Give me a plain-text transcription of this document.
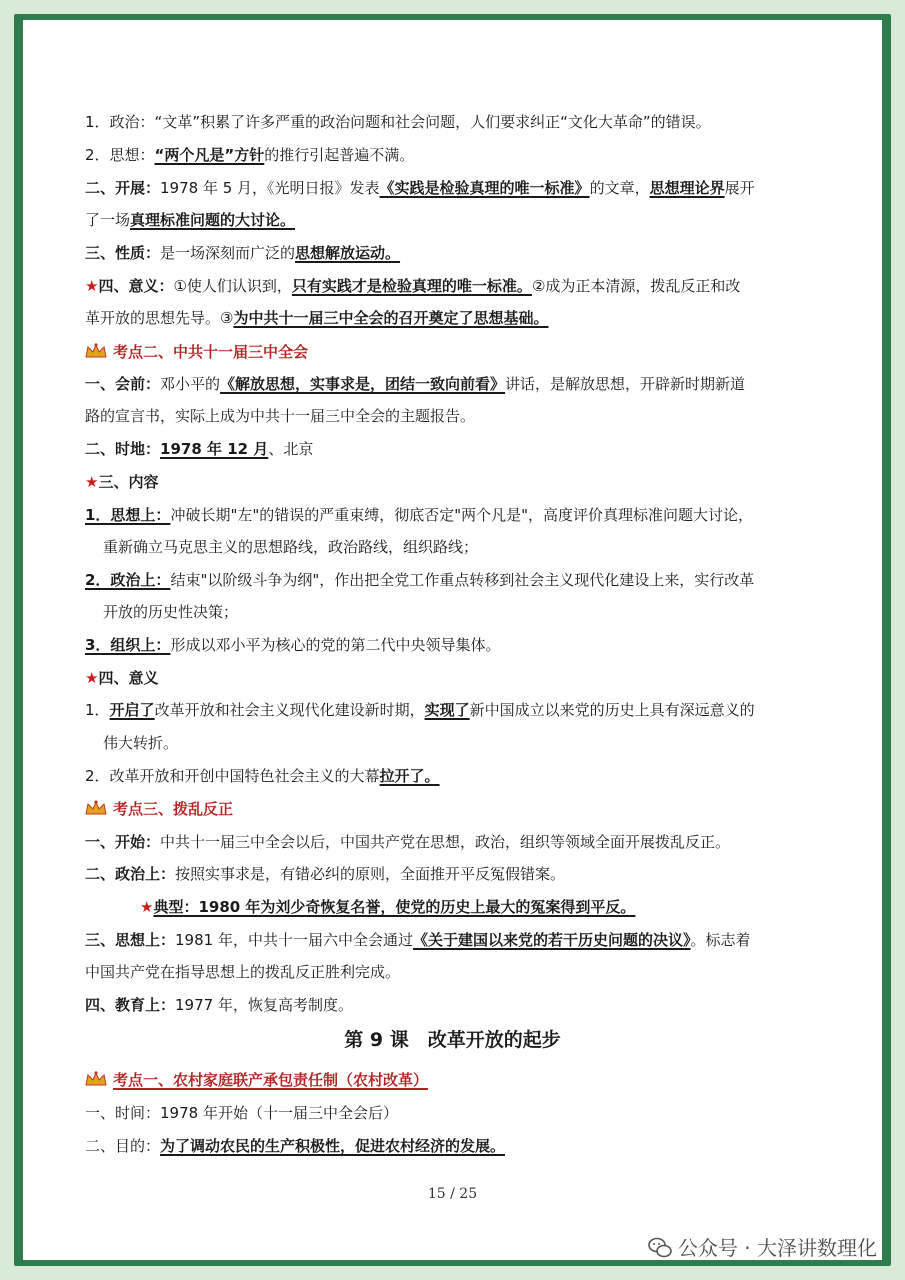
1．政治：“文革”积累了许多严重的政治问题和社会问题，人们要求纠正“文化大革命”的错误。
2．思想：“两个凡是”方针的推行引起普遍不满。
二、开展：1978 年 5 月，《光明日报》发表《实践是检验真理的唯一标准》的文章，思想理论界展开
了一场真理标准问题的大讨论。
三、性质：是一场深刻而广泛的思想解放运动。
★四、意义：①使人们认识到，只有实践才是检验真理的唯一标准。②成为正本清源，拨乱反正和改
革开放的思想先导。③为中共十一届三中全会的召开奠定了思想基础。
考点二、中共十一届三中全会
一、会前：邓小平的《解放思想，实事求是，团结一致向前看》讲话，是解放思想，开辟新时期新道
路的宣言书，实际上成为中共十一届三中全会的主题报告。
二、时地：1978 年 12 月、北京
★三、内容
1．思想上：冲破长期"左"的错误的严重束缚，彻底否定"两个凡是"，高度评价真理标准问题大讨论，
重新确立马克思主义的思想路线，政治路线，组织路线；
2．政治上：结束"以阶级斗争为纲"，作出把全党工作重点转移到社会主义现代化建设上来，实行改革
开放的历史性决策；
3．组织上：形成以邓小平为核心的党的第二代中央领导集体。
★四、意义
1．开启了改革开放和社会主义现代化建设新时期，实现了新中国成立以来党的历史上具有深远意义的
伟大转折。
2．改革开放和开创中国特色社会主义的大幕拉开了。
考点三、拨乱反正
一、开始：中共十一届三中全会以后，中国共产党在思想，政治，组织等领域全面开展拨乱反正。
二、政治上：按照实事求是，有错必纠的原则，全面推开平反冤假错案。
★典型：1980 年为刘少奇恢复名誉，使党的历史上最大的冤案得到平反。
三、思想上：1981 年，中共十一届六中全会通过《关于建国以来党的若干历史问题的决议》。标志着
中国共产党在指导思想上的拨乱反正胜利完成。
四、教育上：1977 年，恢复高考制度。
第 9 课　改革开放的起步
考点一、农村家庭联产承包责任制（农村改革）
一、时间：1978 年开始（十一届三中全会后）
二、目的：为了调动农民的生产积极性，促进农村经济的发展。
15 / 25
公众号 · 大泽讲数理化
